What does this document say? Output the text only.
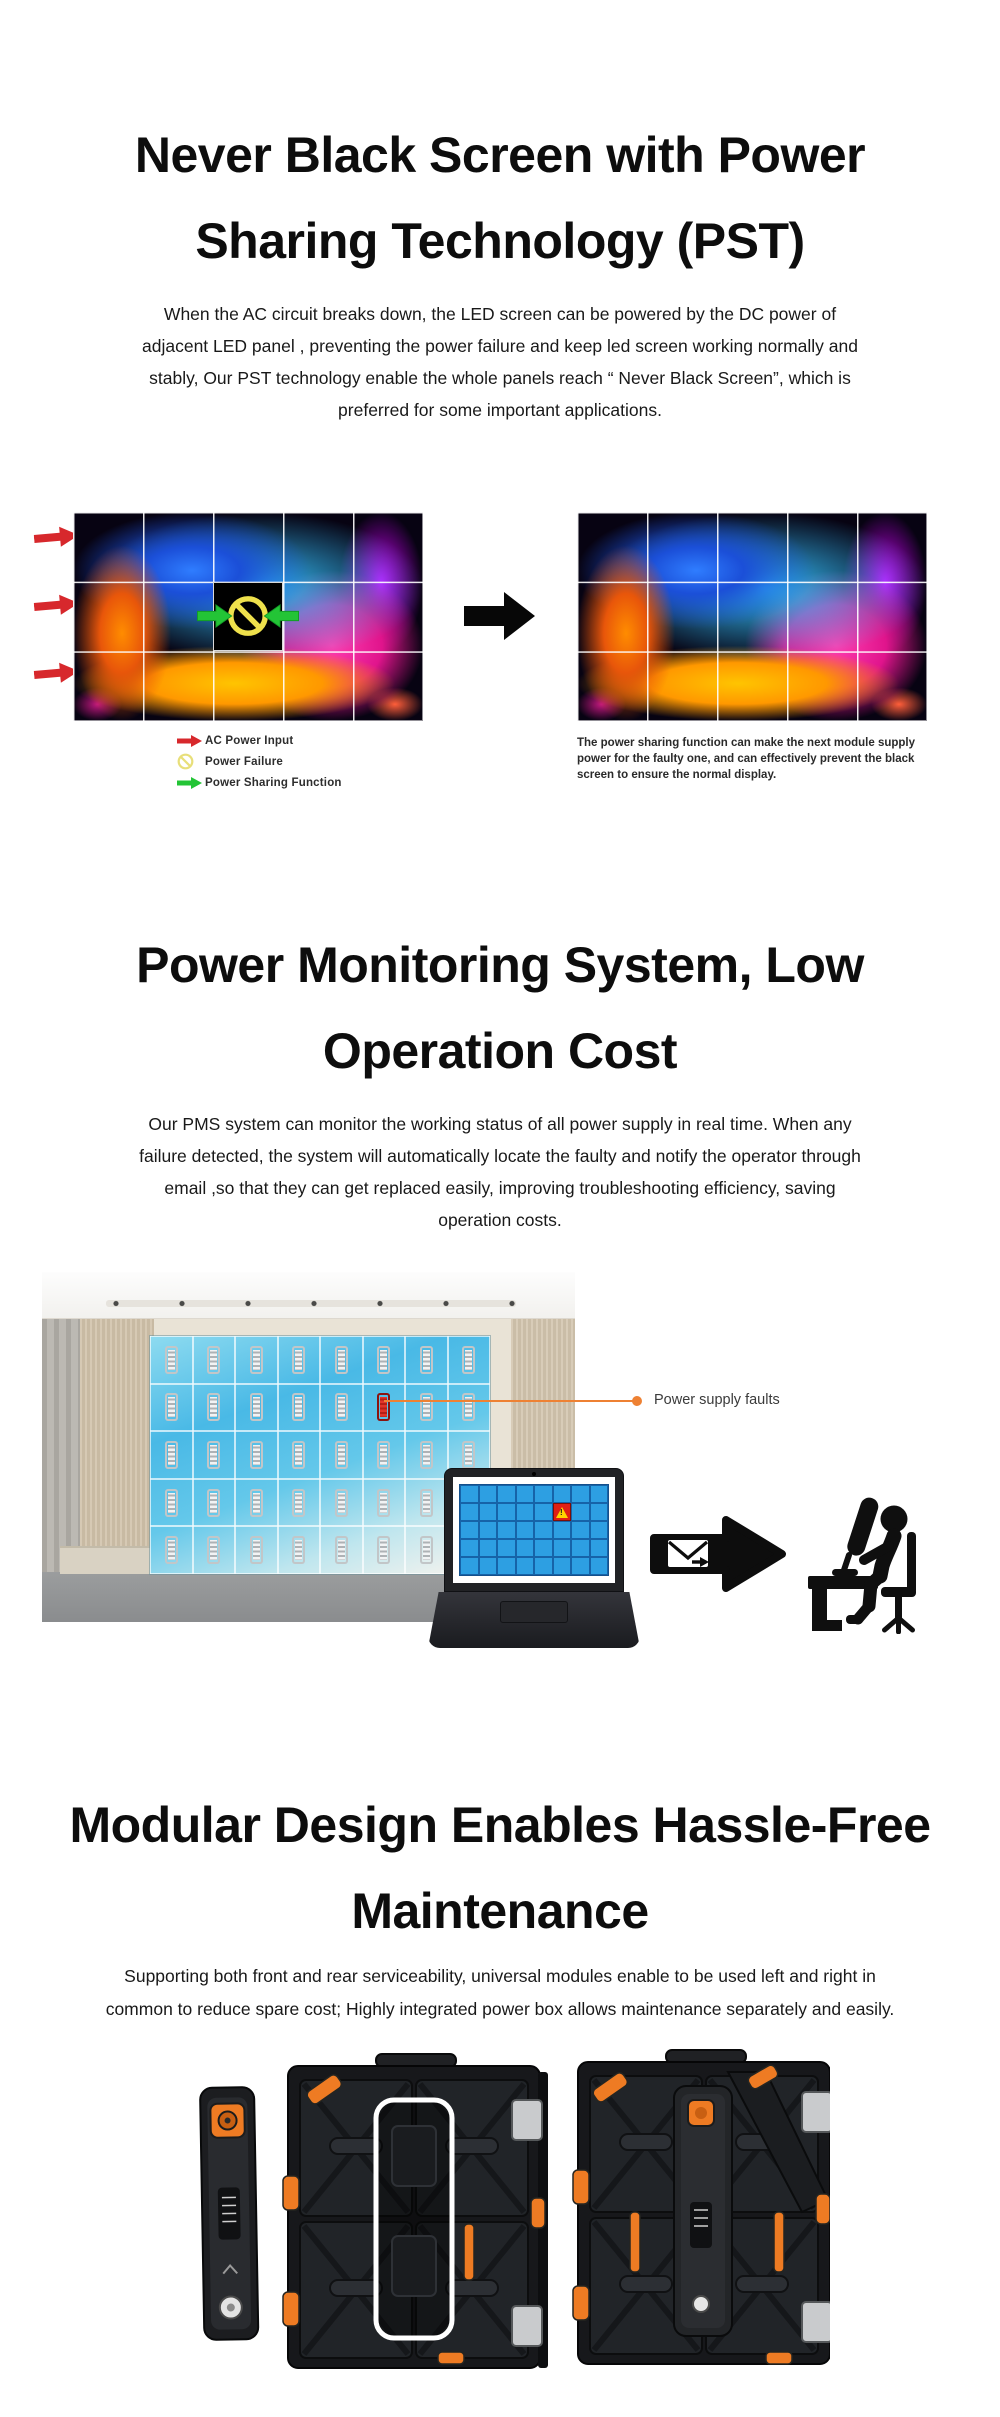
Never Black Screen with Power
Sharing Technology (PST)

When the AC circuit breaks down, the LED screen can be powered by the DC power of adjacent LED panel , preventing the power failure and keep led screen working normally and stably, Our PST technology enable the whole panels reach “ Never Black Screen”, which is preferred for some important applications.

AC Power Input
Power Failure
Power Sharing Function

The power sharing function can make the next module supply power for the faulty one, and can effectively prevent the black screen to ensure the normal display.

Power Monitoring System, Low
Operation Cost

Our PMS system can monitor the working status of all power supply in real time. When any failure detected, the system will automatically locate the faulty and notify the operator through email ,so that they can get replaced easily, improving troubleshooting efficiency, saving operation costs.

Power supply faults
!
Modular Design Enables Hassle-Free
Maintenance

Supporting both front and rear serviceability, universal modules enable to be used left and right in common to reduce spare cost; Highly integrated power box allows maintenance separately and easily.
